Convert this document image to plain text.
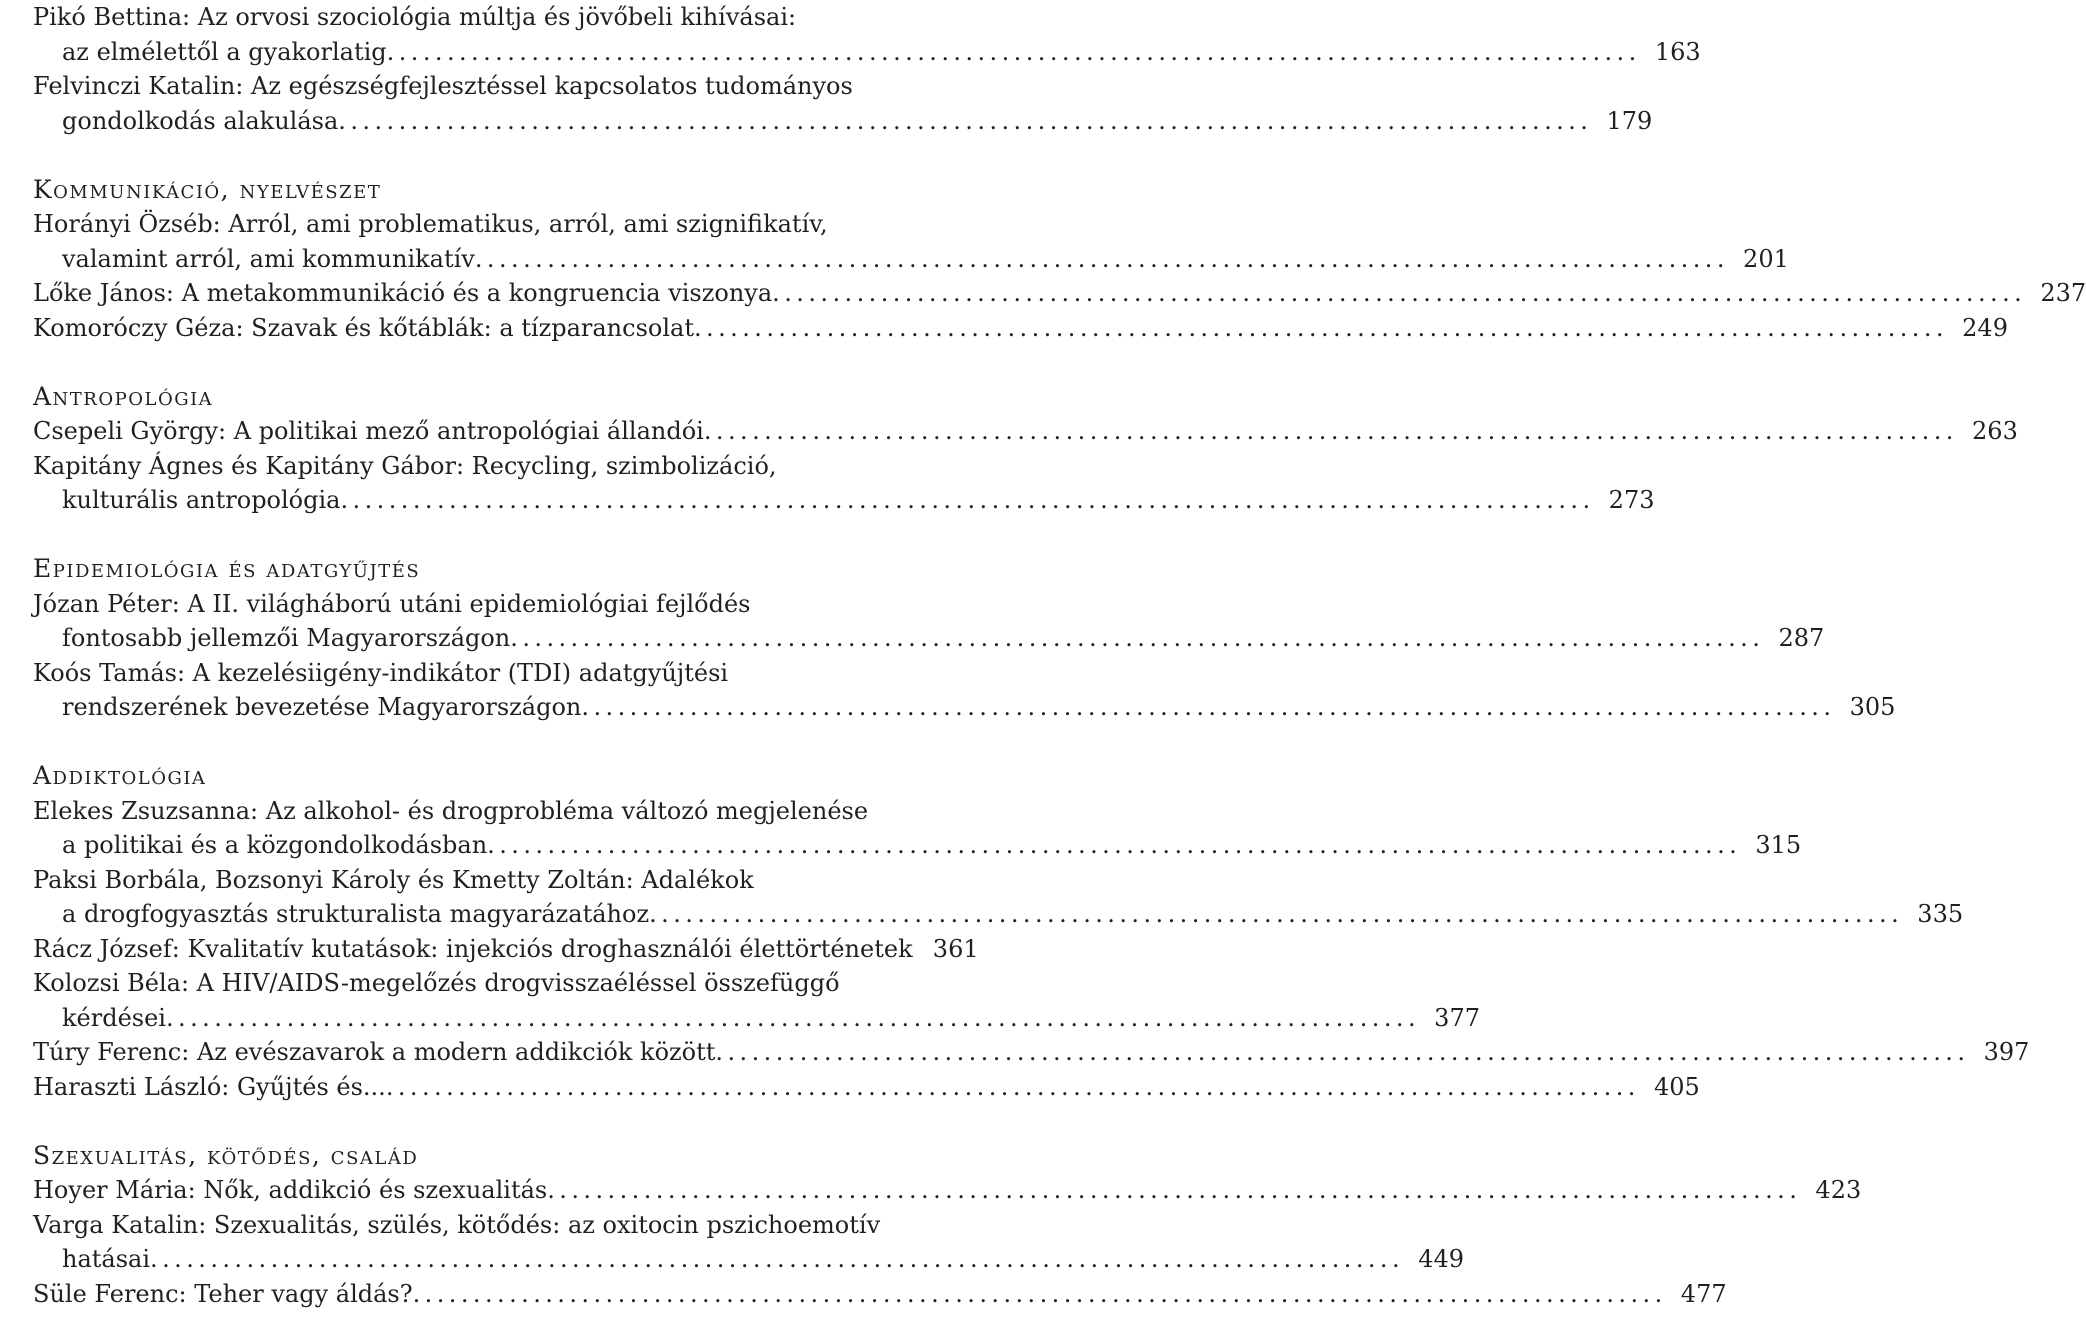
Pikó Bettina: Az orvosi szociológia múltja és jövőbeli kihívásai:
az elmélettől a gyakorlatig . . .	163
Felvinczi Katalin: Az egészségfejlesztéssel kapcsolatos tudományos
gondolkodás alakulása . . .	179
Kommunikáció, nyelvészet
Horányi Özséb: Arról, ami problematikus, arról, ami szignifikatív,
valamint arról, ami kommunikatív . . .	201
Lőke János: A metakommunikáció és a kongruencia viszonya . . .	237
Komoróczy Géza: Szavak és kőtáblák: a tízparancsolat . . .	249
Antropológia
Csepeli György: A politikai mező antropológiai állandói . . .	263
Kapitány Ágnes és Kapitány Gábor: Recycling, szimbolizáció,
kulturális antropológia . . .	273
Epidemiológia és adatgyűjtés
Józan Péter: A II. világháború utáni epidemiológiai fejlődés
fontosabb jellemzői Magyarországon . . .	287
Koós Tamás: A kezelésiigény-indikátor (TDI) adatgyűjtési
rendszerének bevezetése Magyarországon . . .	305
Addiktológia
Elekes Zsuzsanna: Az alkohol- és drogprobléma változó megjelenése
a politikai és a közgondolkodásban . . .	315
Paksi Borbála, Bozsonyi Károly és Kmetty Zoltán: Adalékok
a drogfogyasztás strukturalista magyarázatához . . .	335
Rácz József: Kvalitatív kutatások: injekciós droghasználói élettörténetek 361
Kolozsi Béla: A HIV/AIDS-megelőzés drogvisszaéléssel összefüggő
kérdései . . .	377
Túry Ferenc: Az evészavarok a modern addikciók között . . .	397
Haraszti László: Gyűjtés és... . . .	405
Szexualitás, kötődés, család
Hoyer Mária: Nők, addikció és szexualitás . . .	423
Varga Katalin: Szexualitás, szülés, kötődés: az oxitocin pszichoemotív
hatásai . . .	449
Süle Ferenc: Teher vagy áldás? . . .	477
